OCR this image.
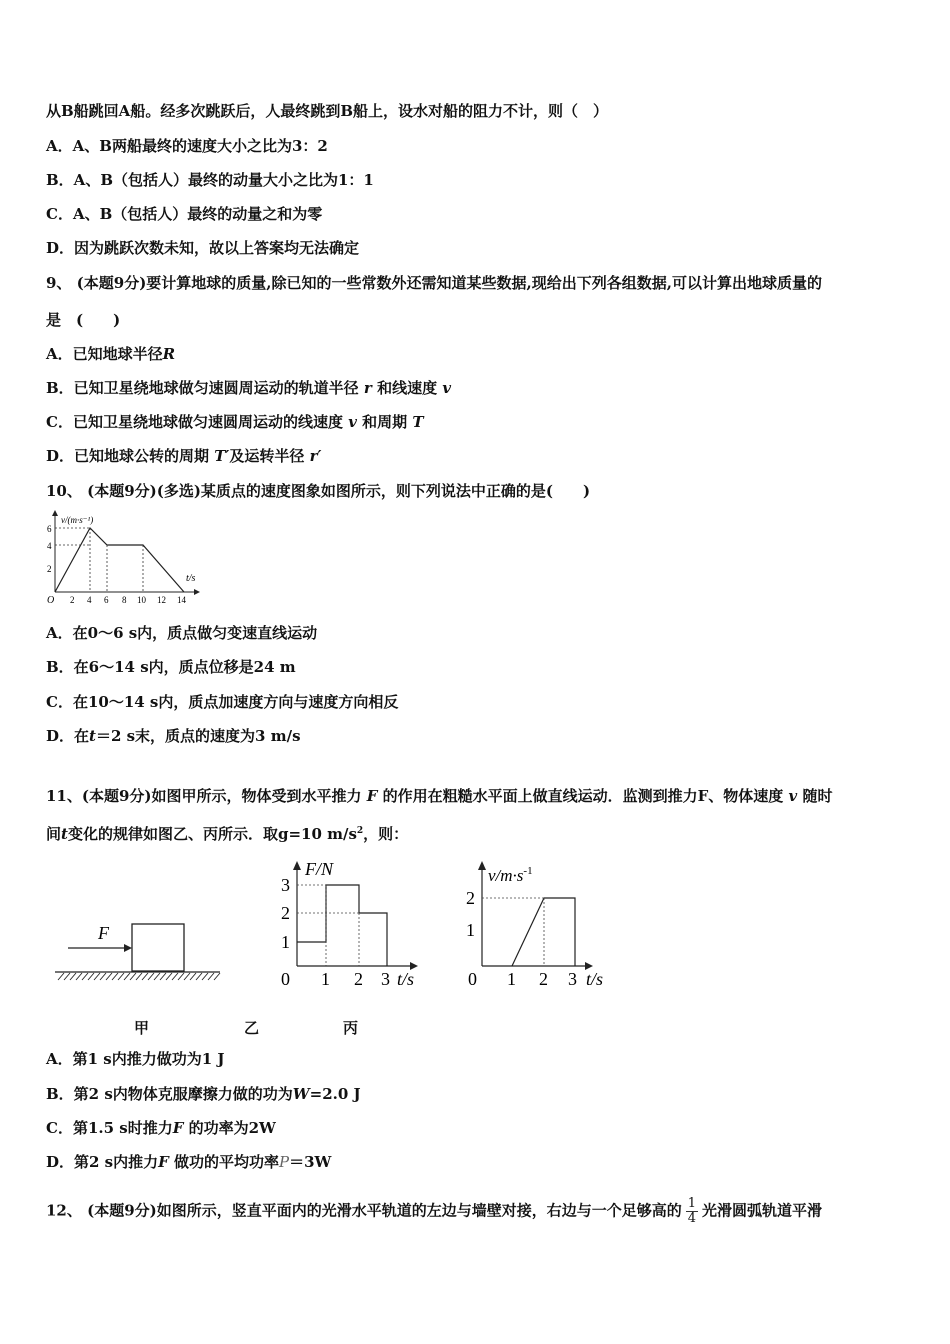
从B船跳回A船。经多次跳跃后，人最终跳到B船上，设水对船的阻力不计，则（　）
A．A、B两船最终的速度大小之比为3：2
B．A、B（包括人）最终的动量大小之比为1：1
C．A、B（包括人）最终的动量之和为零
D．因为跳跃次数未知，故以上答案均无法确定
9、 (本题9分)要计算地球的质量,除已知的一些常数外还需知道某些数据,现给出下列各组数据,可以计算出地球质量的
是　(　　)
A．已知地球半径R
B．已知卫星绕地球做匀速圆周运动的轨道半径 r 和线速度 v
C．已知卫星绕地球做匀速圆周运动的线速度 v 和周期 T
D．已知地球公转的周期 T′及运转半径 r′
10、 (本题9分)(多选)某质点的速度图象如图所示，则下列说法中正确的是(　　)
v/(m·s⁻¹)
t/s
O
6
4
2
2 4 6 8 10 12 14
A．在0～6 s内，质点做匀变速直线运动
B．在6～14 s内，质点位移是24 m
C．在10～14 s内，质点加速度方向与速度方向相反
D．在t＝2 s末，质点的速度为3 m/s
11、(本题9分)如图甲所示，物体受到水平推力 F 的作用在粗糙水平面上做直线运动．监测到推力F、物体速度 v 随时
间t变化的规律如图乙、丙所示．取g=10 $m/s^2$，则：
F
F/N
t/s
0
3
2
1
1 2 3
$v/m\cdot s^{-1}$
t/s
0
2
1
1 2 3
甲	乙	丙
A．第1 s内推力做功为1 J
B．第2 s内物体克服摩擦力做的功为W=2.0 J
C．第1.5 s时推力F 的功率为2W
D．第2 s内推力F 做功的平均功率P＝3W
12、 (本题9分)如图所示，竖直平面内的光滑水平轨道的左边与墙壁对接，右边与一个足够高的 $\frac{1}{4}$ 光滑圆弧轨道平滑
